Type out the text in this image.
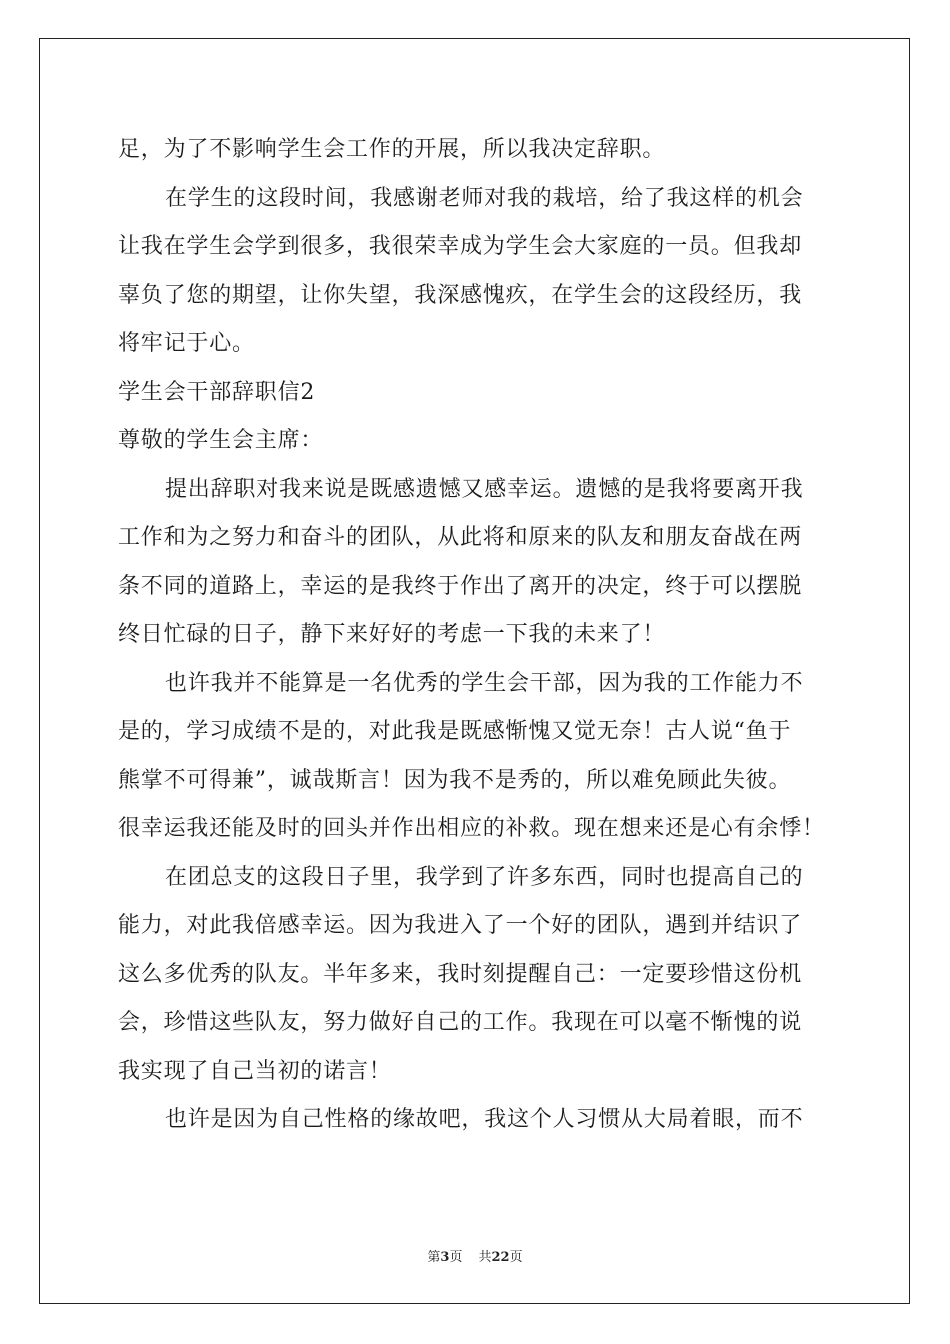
足，为了不影响学生会工作的开展，所以我决定辞职。
在学生的这段时间，我感谢老师对我的栽培，给了我这样的机会
让我在学生会学到很多，我很荣幸成为学生会大家庭的一员。但我却
辜负了您的期望，让你失望，我深感愧疚，在学生会的这段经历，我
将牢记于心。
学生会干部辞职信2
尊敬的学生会主席：
提出辞职对我来说是既感遗憾又感幸运。遗憾的是我将要离开我
工作和为之努力和奋斗的团队，从此将和原来的队友和朋友奋战在两
条不同的道路上，幸运的是我终于作出了离开的决定，终于可以摆脱
终日忙碌的日子，静下来好好的考虑一下我的未来了！
也许我并不能算是一名优秀的学生会干部，因为我的工作能力不
是的，学习成绩不是的，对此我是既感惭愧又觉无奈！古人说“鱼于
熊掌不可得兼”，诚哉斯言！因为我不是秀的，所以难免顾此失彼。
很幸运我还能及时的回头并作出相应的补救。现在想来还是心有余悸！
在团总支的这段日子里，我学到了许多东西，同时也提高自己的
能力，对此我倍感幸运。因为我进入了一个好的团队，遇到并结识了
这么多优秀的队友。半年多来，我时刻提醒自己：一定要珍惜这份机
会，珍惜这些队友，努力做好自己的工作。我现在可以毫不惭愧的说
我实现了自己当初的诺言！
也许是因为自己性格的缘故吧，我这个人习惯从大局着眼，而不
第3页 共22页
